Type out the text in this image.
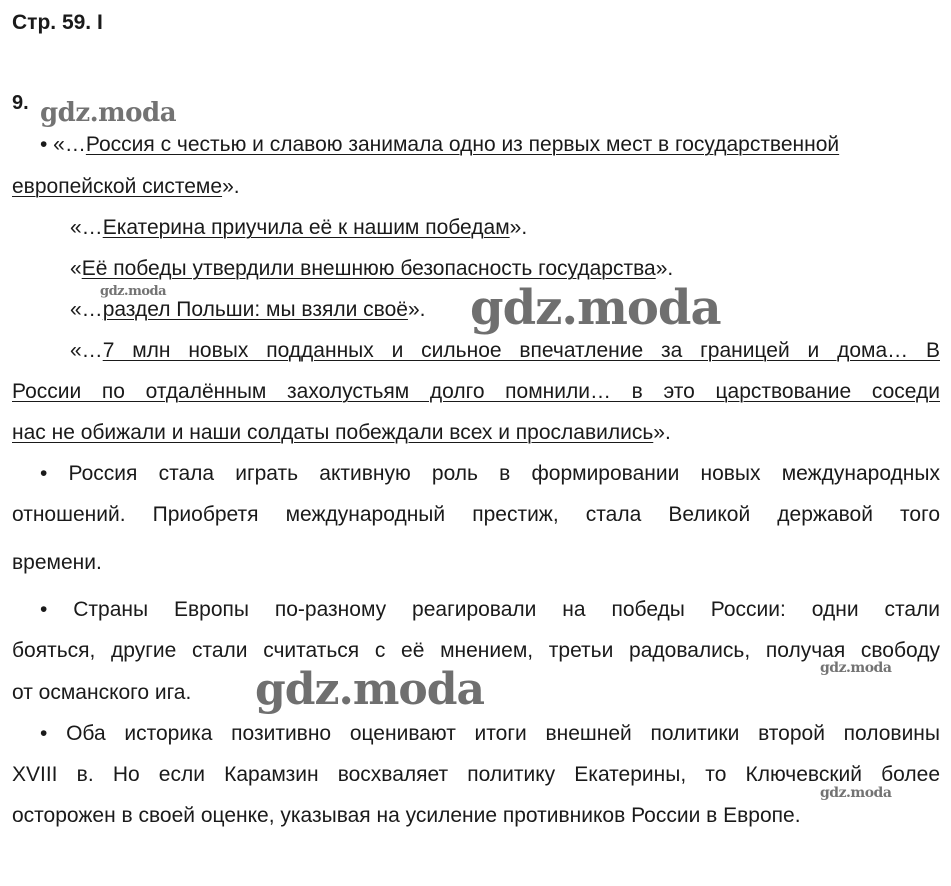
Стр. 59. I
9.
• «…Россия с честью и славою занимала одно из первых мест в государственной
европейской системе».
«…Екатерина приучила её к нашим победам».
«Её победы утвердили внешнюю безопасность государства».
«…раздел Польши: мы взяли своё».
«…7 млн новых подданных и сильное впечатление за границей и дома… В
России по отдалённым захолустьям долго помнили… в это царствование соседи
нас не обижали и наши солдаты побеждали всех и прославились».
• Россия стала играть активную роль в формировании новых международных
отношений. Приобретя международный престиж, стала Великой державой того
времени.
• Страны Европы по-разному реагировали на победы России: одни стали
бояться, другие стали считаться с её мнением, третьи радовались, получая свободу
от османского ига.
• Оба историка позитивно оценивают итоги внешней политики второй половины
XVIII в. Но если Карамзин восхваляет политику Екатерины, то Ключевский более
осторожен в своей оценке, указывая на усиление противников России в Европе.
gdz.moda
gdz.moda	gdz.moda
gdz.moda	gdz.moda
gdz.moda
